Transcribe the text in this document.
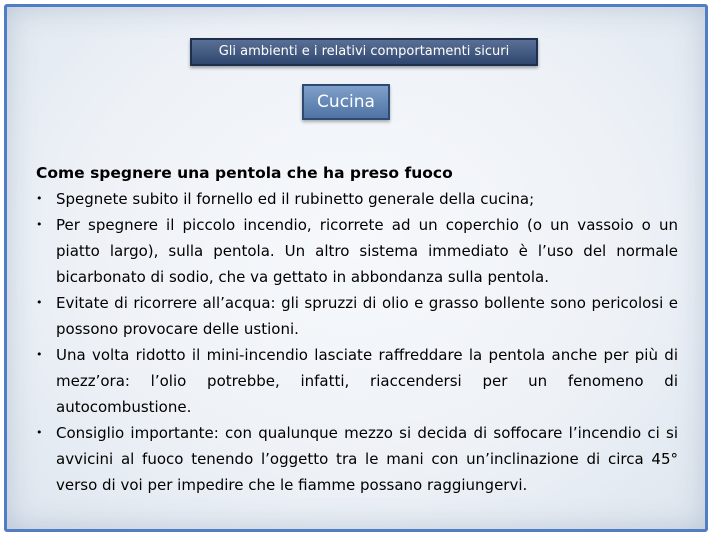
Gli ambienti e i relativi comportamenti sicuri
Cucina

Come spegnere una pentola che ha preso fuoco

• Spegnete subito il fornello ed il rubinetto generale della cucina;
• Per spegnere il piccolo incendio, ricorrete ad un coperchio (o un vassoio o un piatto largo), sulla pentola. Un altro sistema immediato è l’uso del normale bicarbonato di sodio, che va gettato in abbondanza sulla pentola.
• Evitate di ricorrere all’acqua: gli spruzzi di olio e grasso bollente sono pericolosi e possono provocare delle ustioni.
• Una volta ridotto il mini-incendio lasciate raffreddare la pentola anche per più di mezz’ora: l’olio potrebbe, infatti, riaccendersi per un fenomeno di autocombustione.
• Consiglio importante: con qualunque mezzo si decida di soffocare l’incendio ci si avvicini al fuoco tenendo l’oggetto tra le mani con un’inclinazione di circa 45° verso di voi per impedire che le fiamme possano raggiungervi.
